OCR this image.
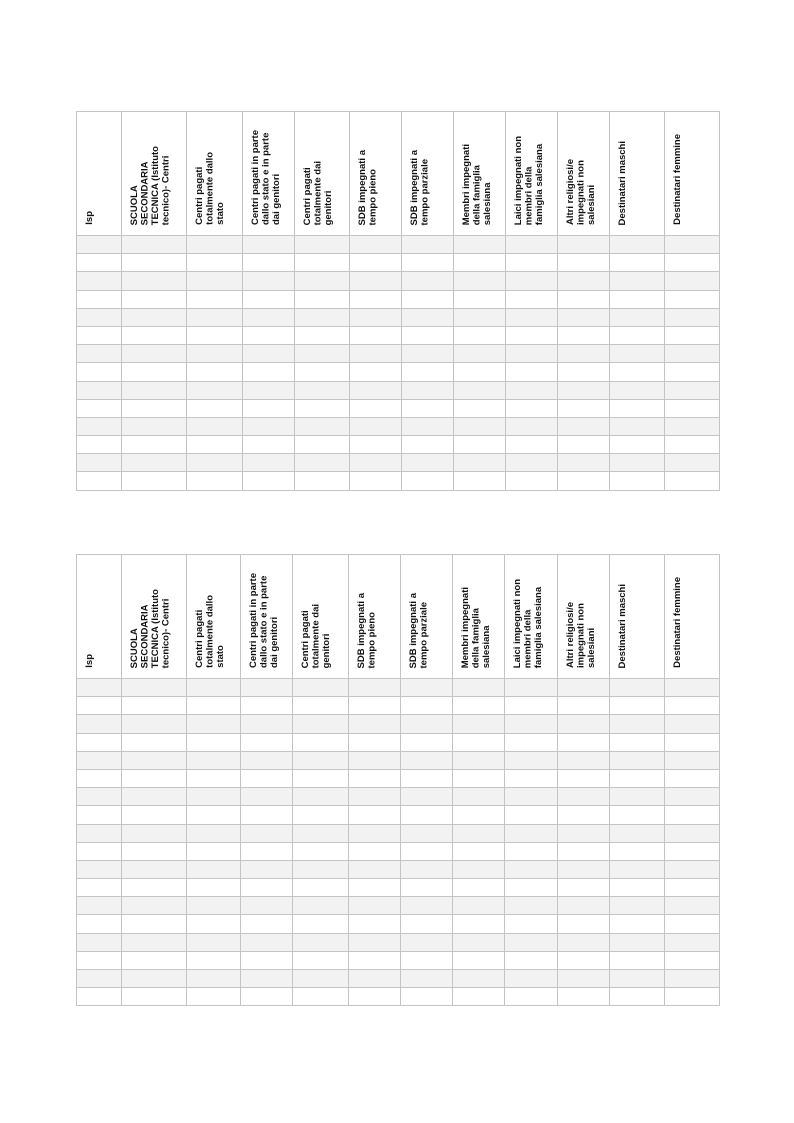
Isp	SCUOLA
SECONDARIA
TECNICA (Istituto
tecnico)- Centri	Centri pagati
totalmente dallo
stato	Centri pagati in parte
dallo stato e in parte
dai genitori	Centri pagati
totalmente dai
genitori	SDB impegnati a
tempo pieno	SDB impegnati a
tempo parziale	Membri impegnati
della famiglia
salesiana	Laici impegnati non
membri della
famiglia salesiana	Altri religiosi/e
impegnati non
salesiani	Destinatari maschi	Destinatari femmine

Isp	SCUOLA
SECONDARIA
TECNICA (Istituto
tecnico)- Centri	Centri pagati
totalmente dallo
stato	Centri pagati in parte
dallo stato e in parte
dai genitori	Centri pagati
totalmente dai
genitori	SDB impegnati a
tempo pieno	SDB impegnati a
tempo parziale	Membri impegnati
della famiglia
salesiana	Laici impegnati non
membri della
famiglia salesiana	Altri religiosi/e
impegnati non
salesiani	Destinatari maschi	Destinatari femmine
